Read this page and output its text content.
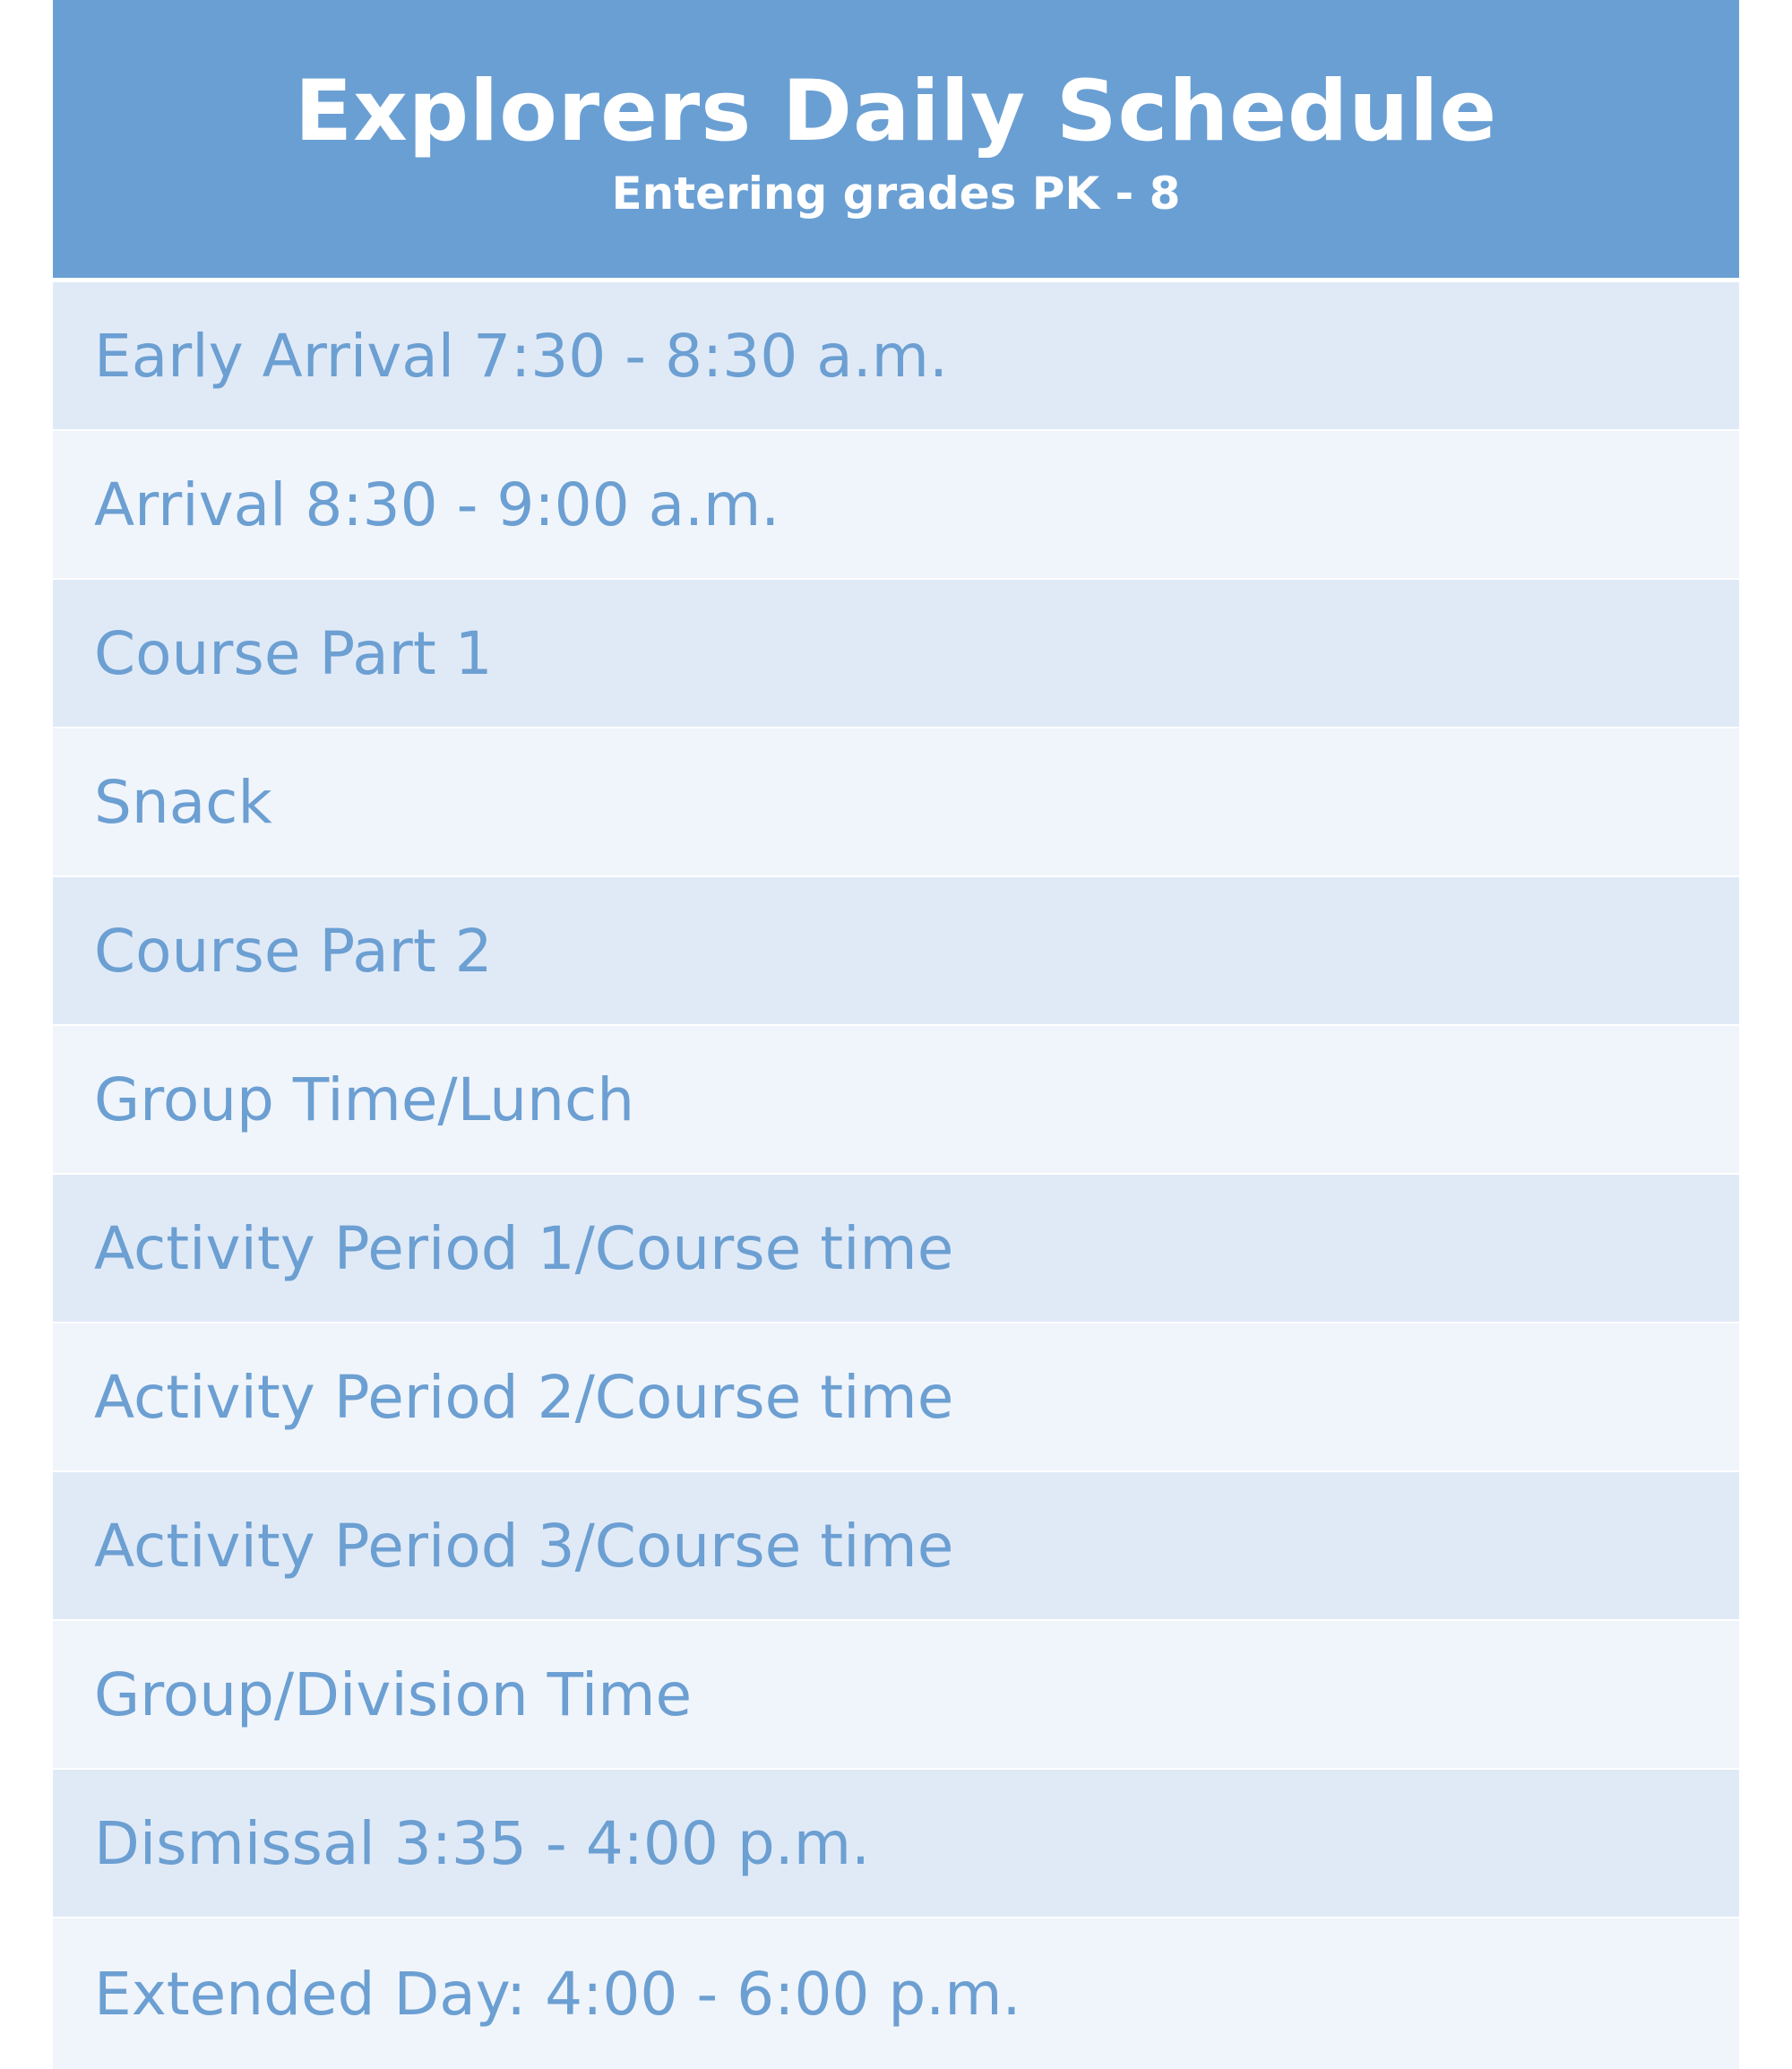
Explorers Daily Schedule
Entering grades PK - 8
Early Arrival 7:30 - 8:30 a.m.
Arrival 8:30 - 9:00 a.m.
Course Part 1
Snack
Course Part 2
Group Time/Lunch
Activity Period 1/Course time
Activity Period 2/Course time
Activity Period 3/Course time
Group/Division Time
Dismissal 3:35 - 4:00 p.m.
Extended Day: 4:00 - 6:00 p.m.
